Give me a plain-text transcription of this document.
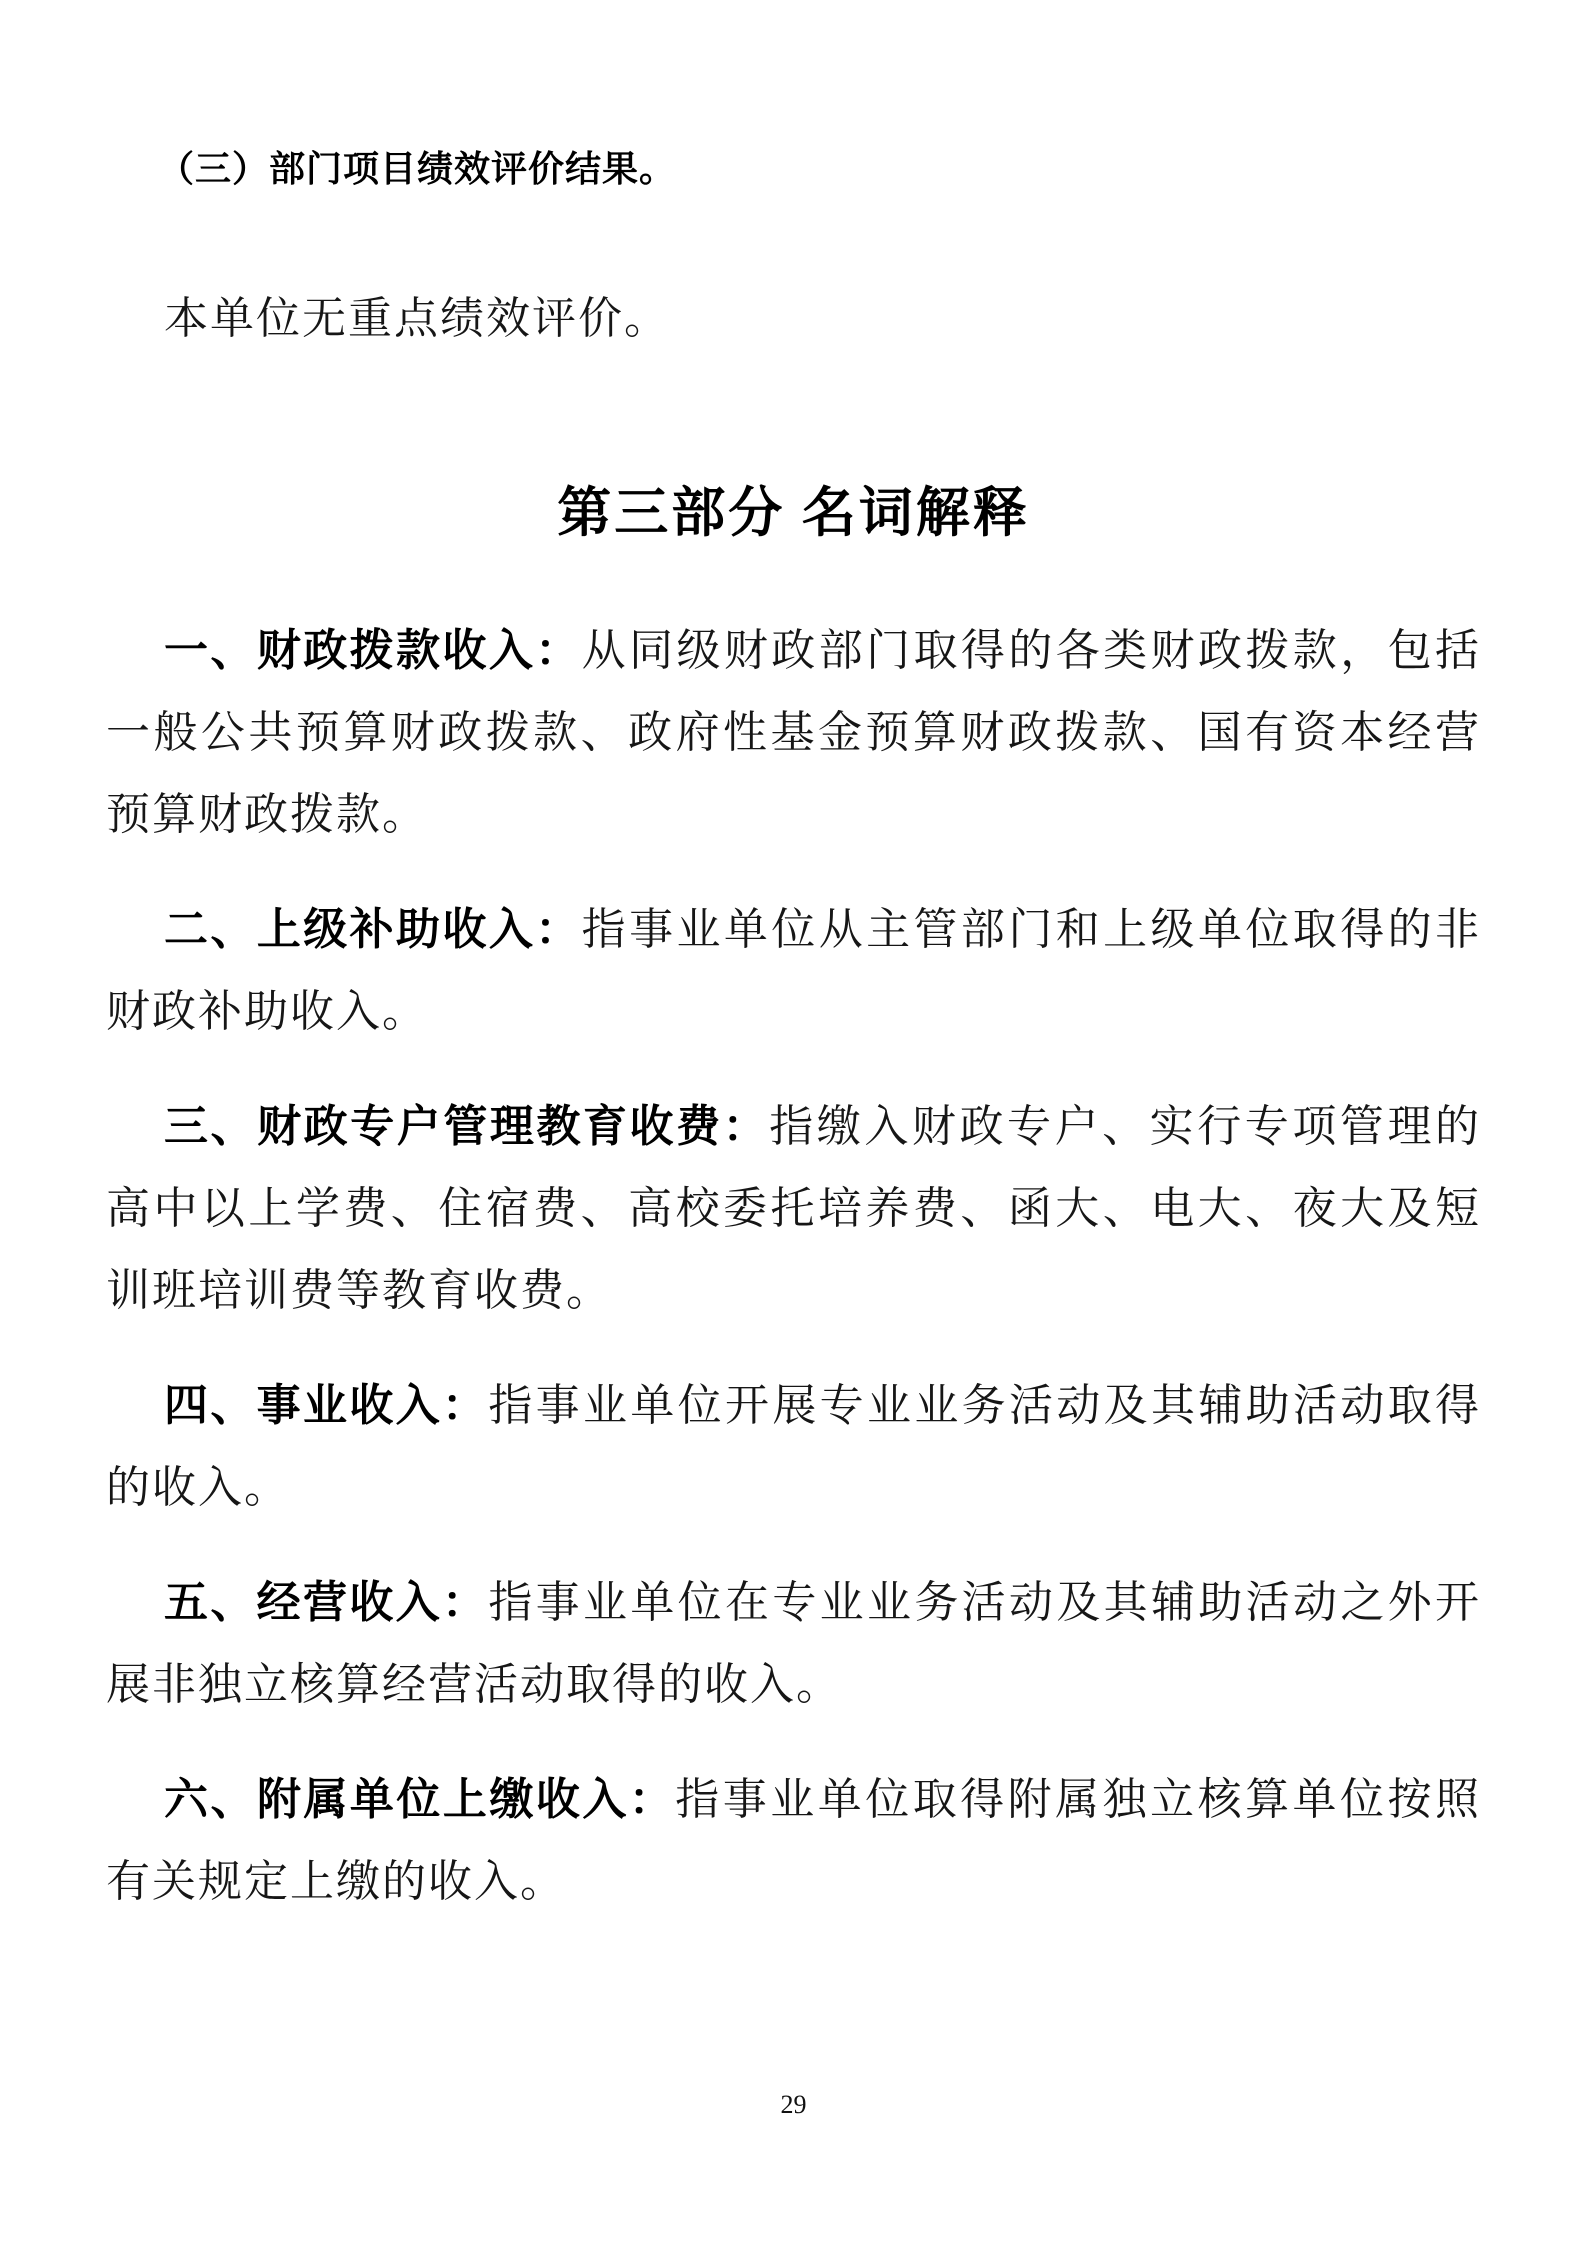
（三）部门项目绩效评价结果。

本单位无重点绩效评价。

第三部分 名词解释

一、财政拨款收入：从同级财政部门取得的各类财政拨款，包括一般公共预算财政拨款、政府性基金预算财政拨款、国有资本经营预算财政拨款。

二、上级补助收入：指事业单位从主管部门和上级单位取得的非财政补助收入。

三、财政专户管理教育收费：指缴入财政专户、实行专项管理的高中以上学费、住宿费、高校委托培养费、函大、电大、夜大及短训班培训费等教育收费。

四、事业收入：指事业单位开展专业业务活动及其辅助活动取得的收入。

五、经营收入：指事业单位在专业业务活动及其辅助活动之外开展非独立核算经营活动取得的收入。

六、附属单位上缴收入：指事业单位取得附属独立核算单位按照有关规定上缴的收入。

29
